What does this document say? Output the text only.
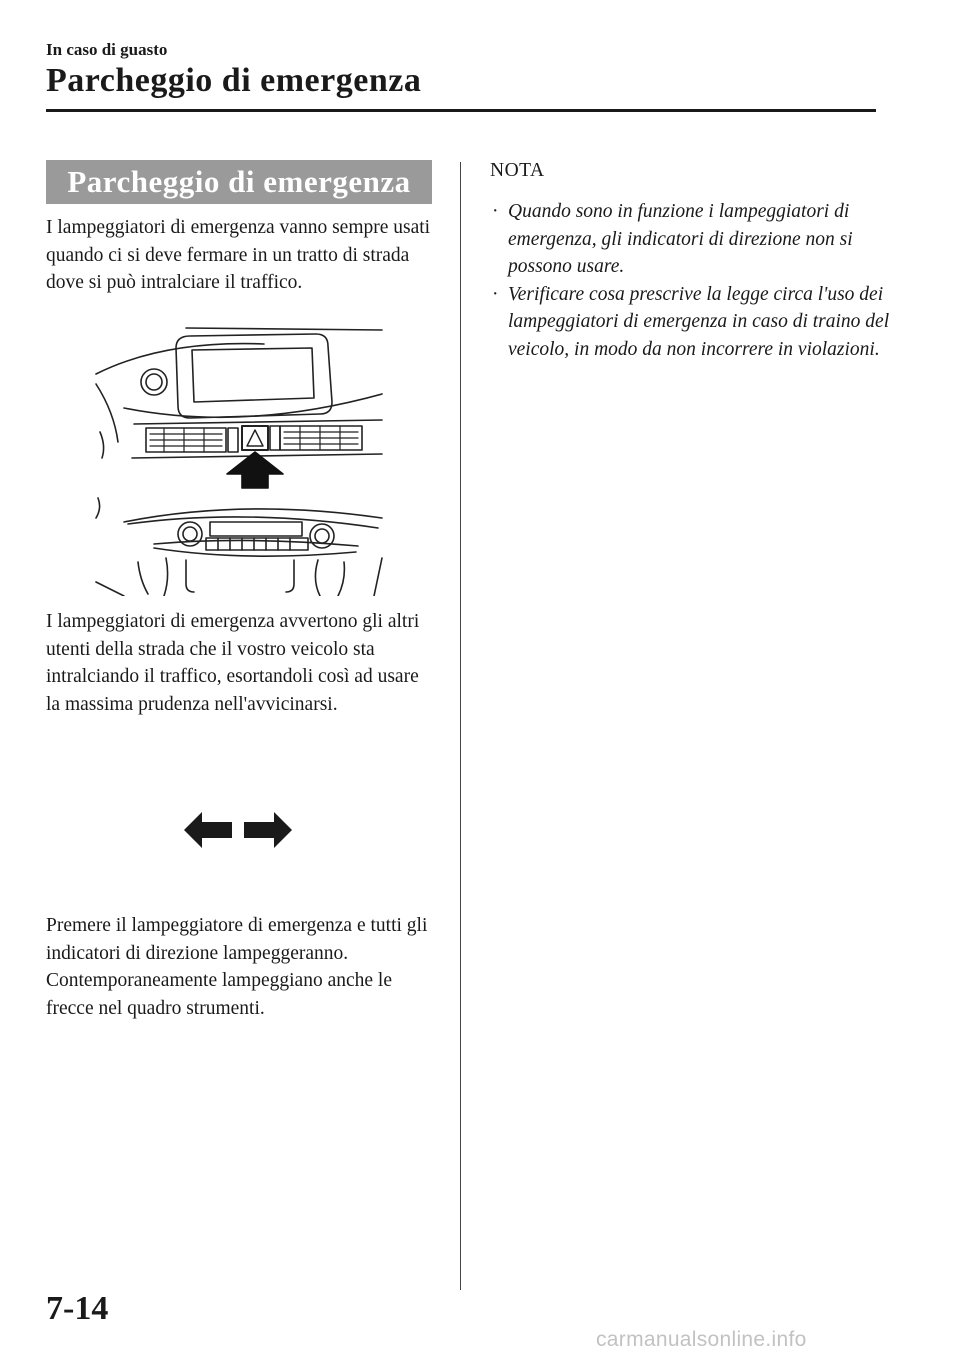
In caso di guasto
Parcheggio di emergenza
Parcheggio di emergenza

I lampeggiatori di emergenza vanno sempre usati quando ci si deve fermare in un tratto di strada dove si può intralciare il traffico.

I lampeggiatori di emergenza avvertono gli altri utenti della strada che il vostro veicolo sta intralciando il traffico, esortandoli così ad usare la massima prudenza nell'avvicinarsi.

Premere il lampeggiatore di emergenza e tutti gli indicatori di direzione lampeggeranno. Contemporaneamente lampeggiano anche le frecce nel quadro strumenti.

NOTA
· Quando sono in funzione i lampeggiatori di emergenza, gli indicatori di direzione non si possono usare.
· Verificare cosa prescrive la legge circa l'uso dei lampeggiatori di emergenza in caso di traino del veicolo, in modo da non incorrere in violazioni.
7-14
carmanualsonline.info
